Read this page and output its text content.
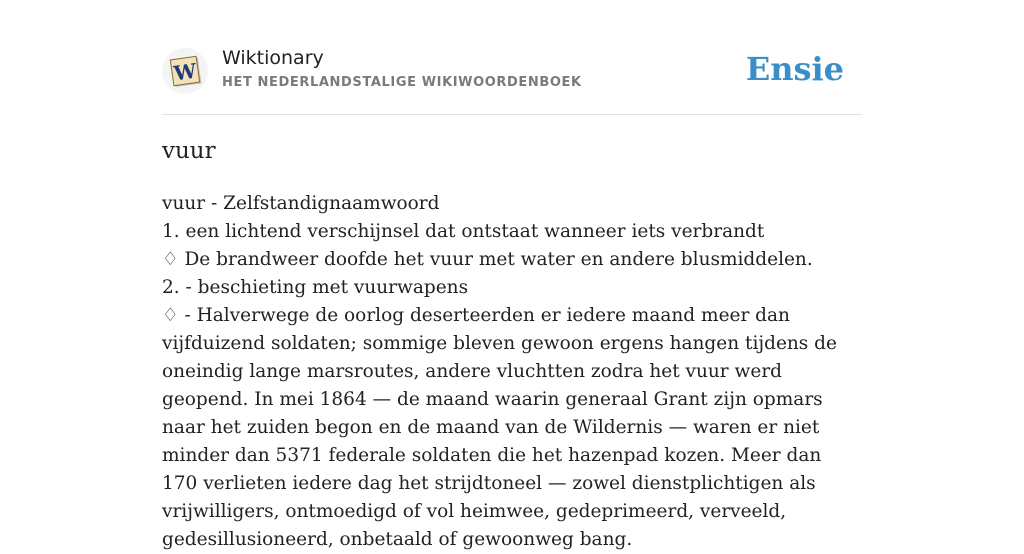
W
Wiktionary
HET NEDERLANDSTALIGE WIKIWOORDENBOEK	Ensie
vuur
vuur - Zelfstandignaamwoord
1. een lichtend verschijnsel dat ontstaat wanneer iets verbrandt
♢ De brandweer doofde het vuur met water en andere blusmiddelen.
2. - beschieting met vuurwapens
♢ - Halverwege de oorlog deserteerden er iedere maand meer dan vijfduizend soldaten; sommige bleven gewoon ergens hangen tijdens de oneindig lange marsroutes, andere vluchtten zodra het vuur werd geopend. In mei 1864 — de maand waarin generaal Grant zijn opmars naar het zuiden begon en de maand van de Wildernis — waren er niet minder dan 5371 federale soldaten die het hazenpad kozen. Meer dan 170 verlieten iedere dag het strijdtoneel — zowel dienstplichtigen als vrijwilligers, ontmoedigd of vol heimwee, gedeprimeerd, verveeld, gedesillusioneerd, onbetaald of gewoonweg bang.
